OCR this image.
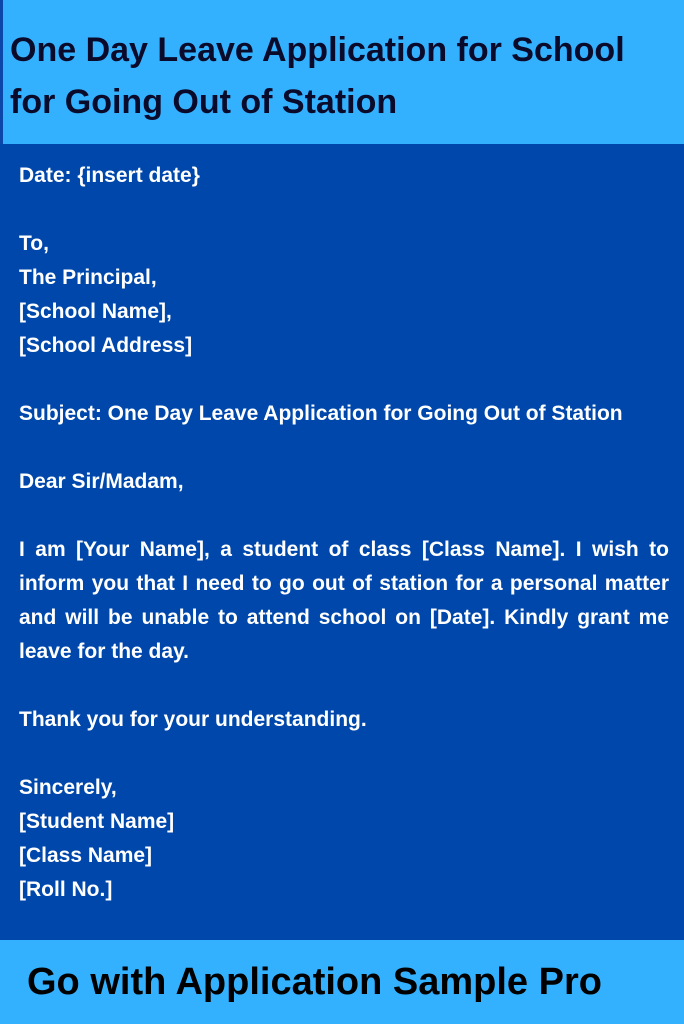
One Day Leave Application for School for Going Out of Station
Date: {insert date}
To,
The Principal,
[School Name],
[School Address]
Subject: One Day Leave Application for Going Out of Station
Dear Sir/Madam,
I am [Your Name], a student of class [Class Name]. I wish to inform you that I need to go out of station for a personal matter and will be unable to attend school on [Date]. Kindly grant me leave for the day.
Thank you for your understanding.
Sincerely,
[Student Name]
[Class Name]
[Roll No.]

Go with Application Sample Pro
